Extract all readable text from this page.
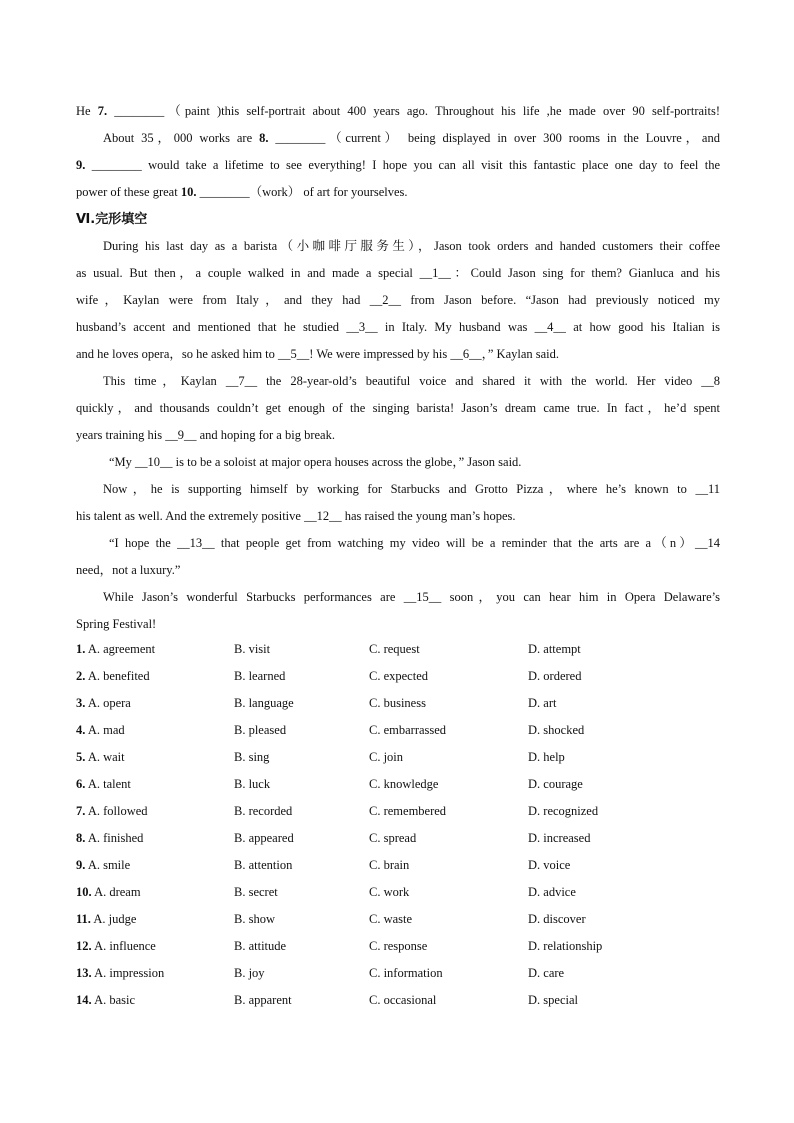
He 7. ________（paint )this self-portrait about 400 years ago. Throughout his life ,he made over 90 self-portraits!
About 35，000 works are 8. ________（current） being displayed in over 300 rooms in the Louvre，and
9. ________ would take a lifetime to see everything! I hope you can all visit this fantastic place one day to feel the
power of these great 10. ________（work） of art for yourselves.
Ⅵ.完形填空
During his last day as a barista（小咖啡厅服务生），Jason took orders and handed customers their coffee
as usual. But then，a couple walked in and made a special __1__：Could Jason sing for them? Gianluca and his
wife，Kaylan were from Italy，and they had __2__ from Jason before. “Jason had previously noticed my
husband’s accent and mentioned that he studied __3__ in Italy. My husband was __4__ at how good his Italian is
and he loves opera，so he asked him to __5__! We were impressed by his __6__，” Kaylan said.
This time，Kaylan __7__ the 28-year-old’s beautiful voice and shared it with the world. Her video __8
quickly，and thousands couldn’t get enough of the singing barista! Jason’s dream came true. In fact，he’d spent
years training his __9__ and hoping for a big break.
“My __10__ is to be a soloist at major opera houses across the globe，” Jason said.
Now，he is supporting himself by working for Starbucks and Grotto Pizza，where he’s known to __11
his talent as well. And the extremely positive __12__ has raised the young man’s hopes.
“I hope the __13__ that people get from watching my video will be a reminder that the arts are a（n）__14
need，not a luxury.”
While Jason’s wonderful Starbucks performances are __15__ soon，you can hear him in Opera Delaware’s
Spring Festival!
1. A. agreement	B. visit	C. request	D. attempt
2. A. benefited	B. learned	C. expected	D. ordered
3. A. opera	B. language	C. business	D. art
4. A. mad	B. pleased	C. embarrassed	D. shocked
5. A. wait	B. sing	C. join	D. help
6. A. talent	B. luck	C. knowledge	D. courage
7. A. followed	B. recorded	C. remembered	D. recognized
8. A. finished	B. appeared	C. spread	D. increased
9. A. smile	B. attention	C. brain	D. voice
10. A. dream	B. secret	C. work	D. advice
11. A. judge	B. show	C. waste	D. discover
12. A. influence	B. attitude	C. response	D. relationship
13. A. impression	B. joy	C. information	D. care
14. A. basic	B. apparent	C. occasional	D. special
